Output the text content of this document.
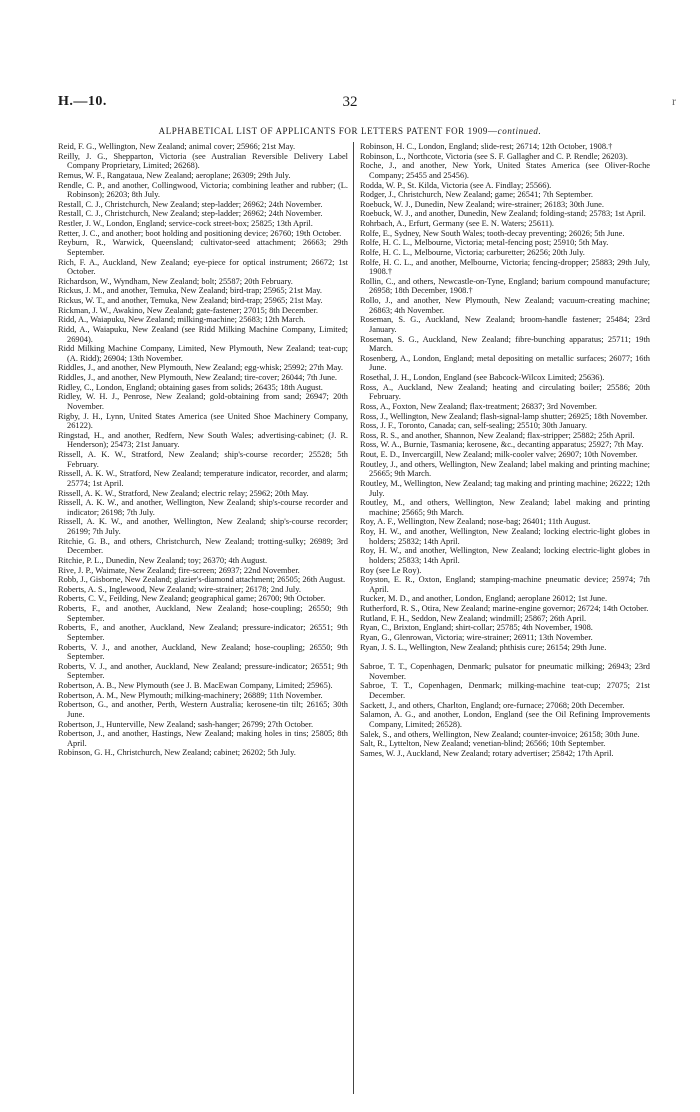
H.—10.	32	r
ALPHABETICAL LIST OF APPLICANTS FOR LETTERS PATENT FOR 1909—continued.

Reid, F. G., Wellington, New Zealand; animal cover; 25966; 21st May.

Reilly, J. G., Shepparton, Victoria (see Australian Reversible Delivery Label Company Proprietary, Limited; 26268).

Remus, W. F., Rangataua, New Zealand; aeroplane; 26309; 29th July.

Rendle, C. P., and another, Collingwood, Victoria; combining leather and rubber; (L. Robinson); 26203; 8th July.

Restall, C. J., Christchurch, New Zealand; step-ladder; 26962; 24th November.

Restall, C. J., Christchurch, New Zealand; step-ladder; 26962; 24th November.

Restler, J. W., London, England; service-cock street-box; 25825; 13th April.

Retter, J. C., and another; boot holding and positioning device; 26760; 19th October.

Reyburn, R., Warwick, Queensland; cultivator-seed attachment; 26663; 29th September.

Rich, F. A., Auckland, New Zealand; eye-piece for optical instrument; 26672; 1st October.

Richardson, W., Wyndham, New Zealand; bolt; 25587; 20th February.

Rickus, J. M., and another, Temuka, New Zealand; bird-trap; 25965; 21st May.

Rickus, W. T., and another, Temuka, New Zealand; bird-trap; 25965; 21st May.

Rickman, J. W., Awakino, New Zealand; gate-fastener; 27015; 8th December.

Ridd, A., Waiapuku, New Zealand; milking-machine; 25683; 12th March.

Ridd, A., Waiapuku, New Zealand (see Ridd Milking Machine Company, Limited; 26904).

Ridd Milking Machine Company, Limited, New Plymouth, New Zealand; teat-cup; (A. Ridd); 26904; 13th November.

Riddles, J., and another, New Plymouth, New Zealand; egg-whisk; 25992; 27th May.

Riddles, J., and another, New Plymouth, New Zealand; tire-cover; 26044; 7th June.

Ridley, C., London, England; obtaining gases from solids; 26435; 18th August.

Ridley, W. H. J., Penrose, New Zealand; gold-obtaining from sand; 26947; 20th November.

Rigby, J. H., Lynn, United States America (see United Shoe Machinery Company, 26122).

Ringstad, H., and another, Redfern, New South Wales; advertising-cabinet; (J. R. Henderson); 25473; 21st January.

Rissell, A. K. W., Stratford, New Zealand; ship's-course recorder; 25528; 5th February.

Rissell, A. K. W., Stratford, New Zealand; temperature indicator, recorder, and alarm; 25774; 1st April.

Rissell, A. K. W., Stratford, New Zealand; electric relay; 25962; 20th May.

Rissell, A. K. W., and another, Wellington, New Zealand; ship's-course recorder and indicator; 26198; 7th July.

Rissell, A. K. W., and another, Wellington, New Zealand; ship's-course recorder; 26199; 7th July.

Ritchie, G. B., and others, Christchurch, New Zealand; trotting-sulky; 26989; 3rd December.

Ritchie, P. L., Dunedin, New Zealand; toy; 26370; 4th August.

Rive, J. P., Waimate, New Zealand; fire-screen; 26937; 22nd November.

Robb, J., Gisborne, New Zealand; glazier's-diamond attachment; 26505; 26th August.

Roberts, A. S., Inglewood, New Zealand; wire-strainer; 26178; 2nd July.

Roberts, C. V., Feilding, New Zealand; geographical game; 26700; 9th October.

Roberts, F., and another, Auckland, New Zealand; hose-coupling; 26550; 9th September.

Roberts, F., and another, Auckland, New Zealand; pressure-indicator; 26551; 9th September.

Roberts, V. J., and another, Auckland, New Zealand; hose-coupling; 26550; 9th September.

Roberts, V. J., and another, Auckland, New Zealand; pressure-indicator; 26551; 9th September.

Robertson, A. B., New Plymouth (see J. B. MacEwan Company, Limited; 25965).

Robertson, A. M., New Plymouth; milking-machinery; 26889; 11th November.

Robertson, G., and another, Perth, Western Australia; kerosene-tin tilt; 26165; 30th June.

Robertson, J., Hunterville, New Zealand; sash-hanger; 26799; 27th October.

Robertson, J., and another, Hastings, New Zealand; making holes in tins; 25805; 8th April.

Robinson, G. H., Christchurch, New Zealand; cabinet; 26202; 5th July.

Robinson, H. C., London, England; slide-rest; 26714; 12th October, 1908.†

Robinson, L., Northcote, Victoria (see S. F. Gallagher and C. P. Rendle; 26203).

Roche, J., and another, New York, United States America (see Oliver-Roche Company; 25455 and 25456).

Rodda, W. P., St. Kilda, Victoria (see A. Findlay; 25566).

Rodger, J., Christchurch, New Zealand; game; 26541; 7th September.

Roebuck, W. J., Dunedin, New Zealand; wire-strainer; 26183; 30th June.

Roebuck, W. J., and another, Dunedin, New Zealand; folding-stand; 25783; 1st April.

Rohrbach, A., Erfurt, Germany (see E. N. Waters; 25611).

Rolfe, E., Sydney, New South Wales; tooth-decay preventing; 26026; 5th June.

Rolfe, H. C. L., Melbourne, Victoria; metal-fencing post; 25910; 5th May.

Rolfe, H. C. L., Melbourne, Victoria; carburetter; 26256; 20th July.

Rolfe, H. C. L., and another, Melbourne, Victoria; fencing-dropper; 25883; 29th July, 1908.†

Rollin, C., and others, Newcastle-on-Tyne, England; barium compound manufacture; 26958; 18th December, 1908.†

Rollo, J., and another, New Plymouth, New Zealand; vacuum-creating machine; 26863; 4th November.

Roseman, S. G., Auckland, New Zealand; broom-handle fastener; 25484; 23rd January.

Roseman, S. G., Auckland, New Zealand; fibre-bunching apparatus; 25711; 19th March.

Rosenberg, A., London, England; metal depositing on metallic surfaces; 26077; 16th June.

Rosethal, J. H., London, England (see Babcock-Wilcox Limited; 25636).

Ross, A., Auckland, New Zealand; heating and circulating boiler; 25586; 20th February.

Ross, A., Foxton, New Zealand; flax-treatment; 26837; 3rd November.

Ross, J., Wellington, New Zealand; flash-signal-lamp shutter; 26925; 18th November.

Ross, J. F., Toronto, Canada; can, self-sealing; 25510; 30th January.

Ross, R. S., and another, Shannon, New Zealand; flax-stripper; 25882; 25th April.

Ross, W. A., Burnie, Tasmania; kerosene, &c., decanting apparatus; 25927; 7th May.

Rout, E. D., Invercargill, New Zealand; milk-cooler valve; 26907; 10th November.

Routley, J., and others, Wellington, New Zealand; label making and printing machine; 25665; 9th March.

Routley, M., Wellington, New Zealand; tag making and printing machine; 26222; 12th July.

Routley, M., and others, Wellington, New Zealand; label making and printing machine; 25665; 9th March.

Roy, A. F., Wellington, New Zealand; nose-bag; 26401; 11th August.

Roy, H. W., and another, Wellington, New Zealand; locking electric-light globes in holders; 25832; 14th April.

Roy, H. W., and another, Wellington, New Zealand; locking electric-light globes in holders; 25833; 14th April.

Roy (see Le Roy).

Royston, E. R., Oxton, England; stamping-machine pneumatic device; 25974; 7th April.

Rucker, M. D., and another, London, England; aeroplane 26012; 1st June.

Rutherford, R. S., Otira, New Zealand; marine-engine governor; 26724; 14th October.

Rutland, F. H., Seddon, New Zealand; windmill; 25867; 26th April.

Ryan, C., Brixton, England; shirt-collar; 25785; 4th November, 1908.

Ryan, G., Glenrowan, Victoria; wire-strainer; 26911; 13th November.

Ryan, J. S. L., Wellington, New Zealand; phthisis cure; 26154; 29th June.

Sabroe, T. T., Copenhagen, Denmark; pulsator for pneumatic milking; 26943; 23rd November.

Sabroe, T. T., Copenhagen, Denmark; milking-machine teat-cup; 27075; 21st December.

Sackett, J., and others, Charlton, England; ore-furnace; 27068; 20th December.

Salamon, A. G., and another, London, England (see the Oil Refining Improvements Company, Limited; 26528).

Salek, S., and others, Wellington, New Zealand; counter-invoice; 26158; 30th June.

Salt, R., Lyttelton, New Zealand; venetian-blind; 26566; 10th September.

Sames, W. J., Auckland, New Zealand; rotary advertiser; 25842; 17th April.
